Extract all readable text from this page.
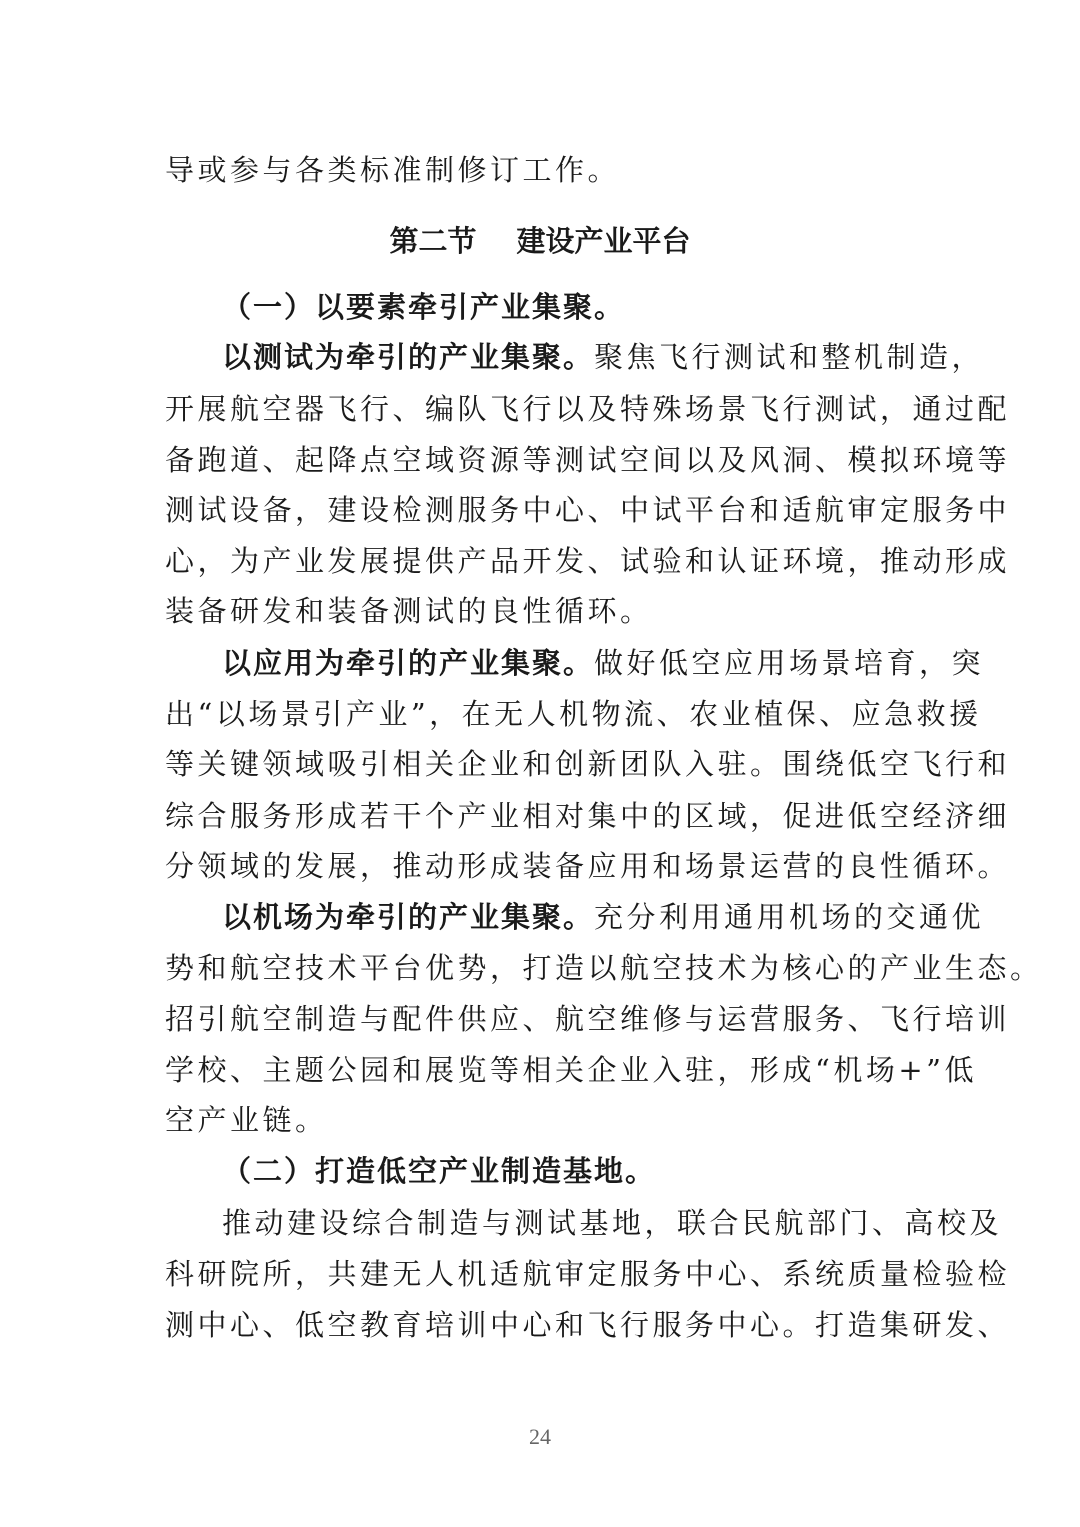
导或参与各类标准制修订工作。
第二节 建设产业平台
（一）以要素牵引产业集聚。
以测试为牵引的产业集聚。聚焦飞行测试和整机制造，
开展航空器飞行、编队飞行以及特殊场景飞行测试，通过配
备跑道、起降点空域资源等测试空间以及风洞、模拟环境等
测试设备，建设检测服务中心、中试平台和适航审定服务中
心，为产业发展提供产品开发、试验和认证环境，推动形成
装备研发和装备测试的良性循环。
以应用为牵引的产业集聚。做好低空应用场景培育，突
出“以场景引产业”，在无人机物流、农业植保、应急救援
等关键领域吸引相关企业和创新团队入驻。围绕低空飞行和
综合服务形成若干个产业相对集中的区域，促进低空经济细
分领域的发展，推动形成装备应用和场景运营的良性循环。
以机场为牵引的产业集聚。充分利用通用机场的交通优
势和航空技术平台优势，打造以航空技术为核心的产业生态。
招引航空制造与配件供应、航空维修与运营服务、飞行培训
学校、主题公园和展览等相关企业入驻，形成“机场+”低
空产业链。
（二）打造低空产业制造基地。
推动建设综合制造与测试基地，联合民航部门、高校及
科研院所，共建无人机适航审定服务中心、系统质量检验检
测中心、低空教育培训中心和飞行服务中心。打造集研发、
24
